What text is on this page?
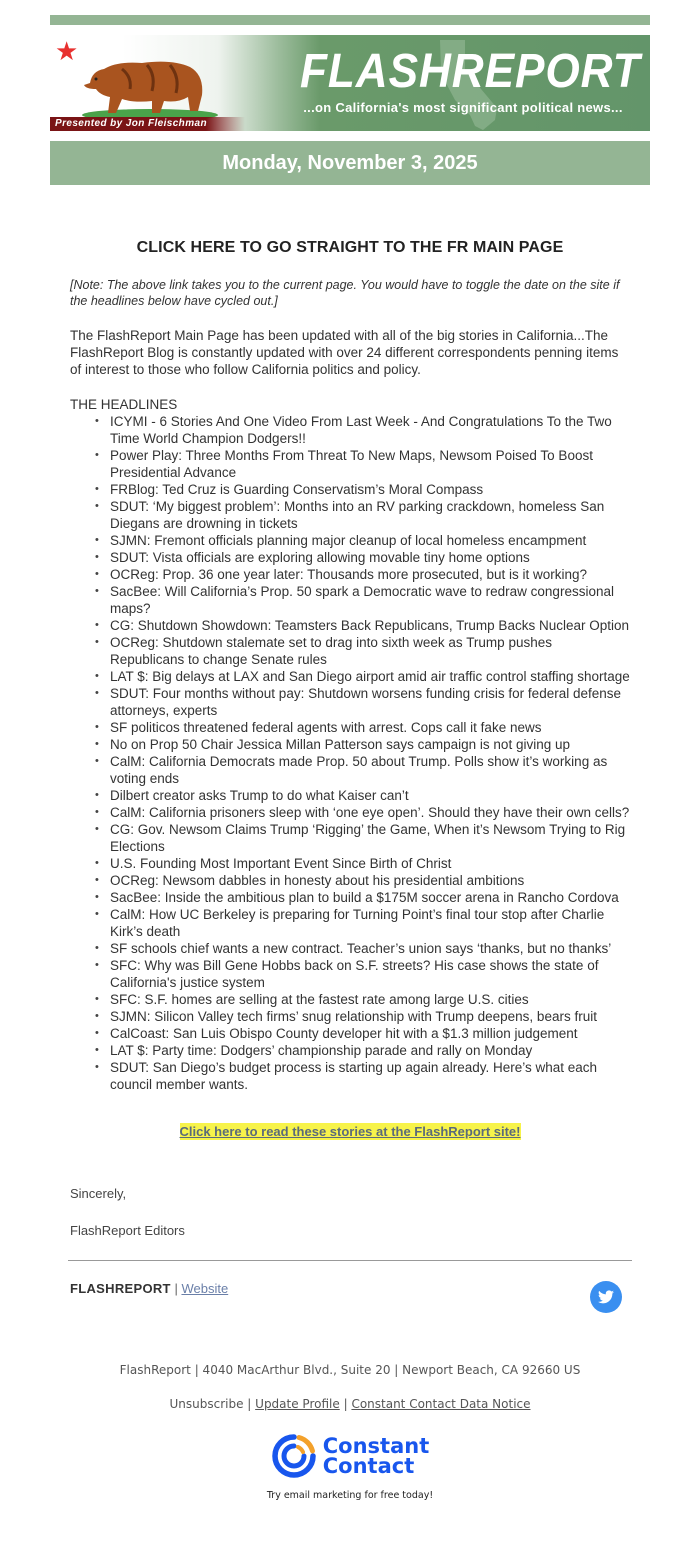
★
Presented by Jon Fleischman
FLASHREPORT
...on California's most significant political news...
Monday, November 3, 2025
CLICK HERE TO GO STRAIGHT TO THE FR MAIN PAGE
[Note: The above link takes you to the current page. You would have to toggle the date on the site if the headlines below have cycled out.]
The FlashReport Main Page has been updated with all of the big stories in California...The FlashReport Blog is constantly updated with over 24 different correspondents penning items of interest to those who follow California politics and policy.
THE HEADLINES
• ICYMI - 6 Stories And One Video From Last Week - And Congratulations To the Two Time World Champion Dodgers!!
• Power Play: Three Months From Threat To New Maps, Newsom Poised To Boost Presidential Advance
• FRBlog: Ted Cruz is Guarding Conservatism’s Moral Compass
• SDUT: ‘My biggest problem’: Months into an RV parking crackdown, homeless San Diegans are drowning in tickets
• SJMN: Fremont officials planning major cleanup of local homeless encampment
• SDUT: Vista officials are exploring allowing movable tiny home options
• OCReg: Prop. 36 one year later: Thousands more prosecuted, but is it working?
• SacBee: Will California’s Prop. 50 spark a Democratic wave to redraw congressional maps?
• CG: Shutdown Showdown: Teamsters Back Republicans, Trump Backs Nuclear Option
• OCReg: Shutdown stalemate set to drag into sixth week as Trump pushes Republicans to change Senate rules
• LAT $: Big delays at LAX and San Diego airport amid air traffic control staffing shortage
• SDUT: Four months without pay: Shutdown worsens funding crisis for federal defense attorneys, experts
• SF politicos threatened federal agents with arrest. Cops call it fake news
• No on Prop 50 Chair Jessica Millan Patterson says campaign is not giving up
• CalM: California Democrats made Prop. 50 about Trump. Polls show it’s working as voting ends
• Dilbert creator asks Trump to do what Kaiser can’t
• CalM: California prisoners sleep with ‘one eye open’. Should they have their own cells?
• CG: Gov. Newsom Claims Trump ‘Rigging’ the Game, When it’s Newsom Trying to Rig Elections
• U.S. Founding Most Important Event Since Birth of Christ
• OCReg: Newsom dabbles in honesty about his presidential ambitions
• SacBee: Inside the ambitious plan to build a $175M soccer arena in Rancho Cordova
• CalM: How UC Berkeley is preparing for Turning Point’s final tour stop after Charlie Kirk’s death
• SF schools chief wants a new contract. Teacher’s union says ‘thanks, but no thanks’
• SFC: Why was Bill Gene Hobbs back on S.F. streets? His case shows the state of California's justice system
• SFC: S.F. homes are selling at the fastest rate among large U.S. cities
• SJMN: Silicon Valley tech firms’ snug relationship with Trump deepens, bears fruit
• CalCoast: San Luis Obispo County developer hit with a $1.3 million judgement
• LAT $: Party time: Dodgers’ championship parade and rally on Monday
• SDUT: San Diego’s budget process is starting up again already. Here’s what each council member wants.
Click here to read these stories at the FlashReport site!

Sincerely,

FlashReport Editors

FLASHREPORT | Website
FlashReport | 4040 MacArthur Blvd., Suite 20 | Newport Beach, CA 92660 US
Unsubscribe | Update Profile | Constant Contact Data Notice
Constant
Contact
Try email marketing for free today!
